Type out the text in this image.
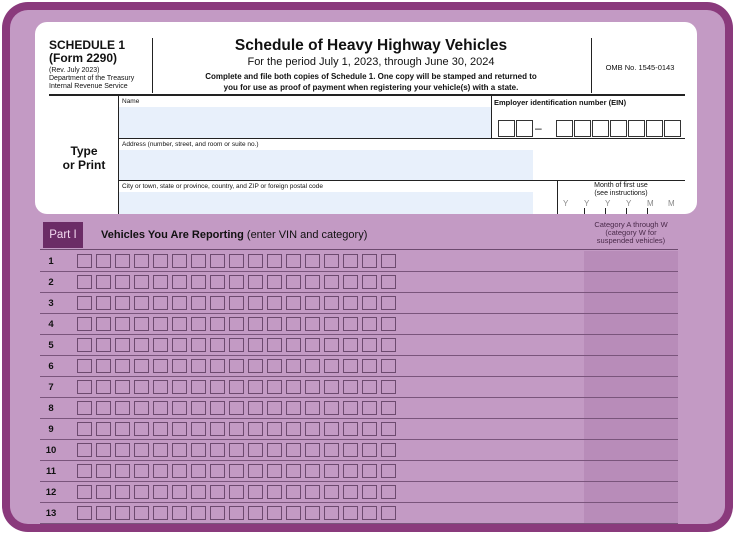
SCHEDULE 1
(Form 2290)
(Rev. July 2023)
Department of the Treasury
Internal Revenue Service
Schedule of Heavy Highway Vehicles
For the period July 1, 2023, through June 30, 2024
Complete and file both copies of Schedule 1. One copy will be stamped and returned to
you for use as proof of payment when registering your vehicle(s) with a state.
OMB No. 1545-0143
Type
or Print
Name	Employer identification number (EIN)
–
Address (number, street, and room or suite no.)
City or town, state or province, country, and ZIP or foreign postal code	Month of first use
(see instructions)
Y Y Y Y M M
Part I	Vehicles You Are Reporting (enter VIN and category)
Category A through W
(category W for
suspended vehicles)
1
2
3
4
5
6
7
8
9
10
11
12
13
